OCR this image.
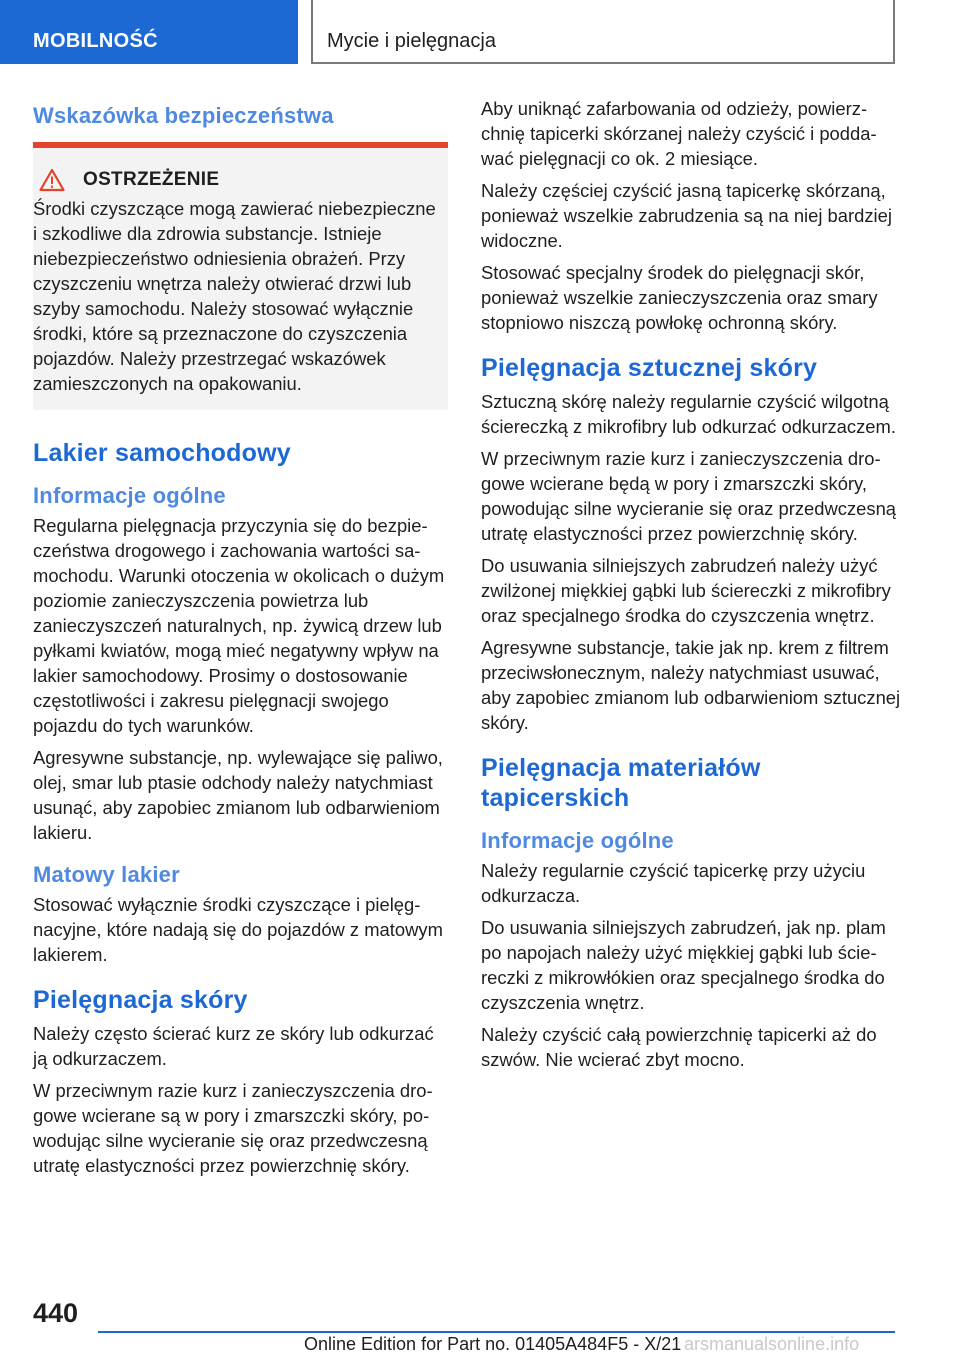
MOBILNOŚĆ	Mycie i pielęgnacja
Wskazówka bezpieczeństwa
OSTRZEŻENIE

Środki czyszczące mogą zawierać niebezpieczne i szkodliwe dla zdrowia substancje. Istnieje niebezpieczeństwo odniesienia obrażeń. Przy czyszczeniu wnętrza należy otwierać drzwi lub szyby samochodu. Należy stosować wyłącznie środki, które są przeznaczone do czyszczenia pojazdów. Należy przestrzegać wskazówek zamieszczonych na opakowaniu.

Lakier samochodowy
Informacje ogólne

Regularna pielęgnacja przyczynia się do bezpieczeństwa drogowego i zachowania wartości samochodu. Warunki otoczenia w okolicach o dużym poziomie zanieczyszczenia powietrza lub zanieczyszczeń naturalnych, np. żywicą drzew lub pyłkami kwiatów, mogą mieć negatywny wpływ na lakier samochodowy. Prosimy o dostosowanie częstotliwości i zakresu pielęgnacji swojego pojazdu do tych warunków.

Agresywne substancje, np. wylewające się paliwo, olej, smar lub ptasie odchody należy natychmiast usunąć, aby zapobiec zmianom lub odbarwieniom lakieru.

Matowy lakier

Stosować wyłącznie środki czyszczące i pielęgnacyjne, które nadają się do pojazdów z matowym lakierem.

Pielęgnacja skóry

Należy często ścierać kurz ze skóry lub odkurzać ją odkurzaczem.

W przeciwnym razie kurz i zanieczyszczenia drogowe wcierane są w pory i zmarszczki skóry, powodując silne wycieranie się oraz przedwczesną utratę elastyczności przez powierzchnię skóry.

Aby uniknąć zafarbowania od odzieży, powierzchnię tapicerki skórzanej należy czyścić i poddawać pielęgnacji co ok. 2 miesiące.

Należy częściej czyścić jasną tapicerkę skórzaną, ponieważ wszelkie zabrudzenia są na niej bardziej widoczne.

Stosować specjalny środek do pielęgnacji skór, ponieważ wszelkie zanieczyszczenia oraz smary stopniowo niszczą powłokę ochronną skóry.

Pielęgnacja sztucznej skóry

Sztuczną skórę należy regularnie czyścić wilgotną ściereczką z mikrofibry lub odkurzać odkurzaczem.

W przeciwnym razie kurz i zanieczyszczenia drogowe wcierane będą w pory i zmarszczki skóry, powodując silne wycieranie się oraz przedwczesną utratę elastyczności przez powierzchnię skóry.

Do usuwania silniejszych zabrudzeń należy użyć zwilżonej miękkiej gąbki lub ściereczki z mikrofibry oraz specjalnego środka do czyszczenia wnętrz.

Agresywne substancje, takie jak np. krem z filtrem przeciwsłonecznym, należy natychmiast usuwać, aby zapobiec zmianom lub odbarwieniom sztucznej skóry.

Pielęgnacja materiałów tapicerskich
Informacje ogólne

Należy regularnie czyścić tapicerkę przy użyciu odkurzacza.

Do usuwania silniejszych zabrudzeń, jak np. plam po napojach należy użyć miękkiej gąbki lub ściereczki z mikrowłókien oraz specjalnego środka do czyszczenia wnętrz.

Należy czyścić całą powierzchnię tapicerki aż do szwów. Nie wcierać zbyt mocno.

440
Online Edition for Part no. 01405A484F5 - X/21 arsmanualsonline.info
